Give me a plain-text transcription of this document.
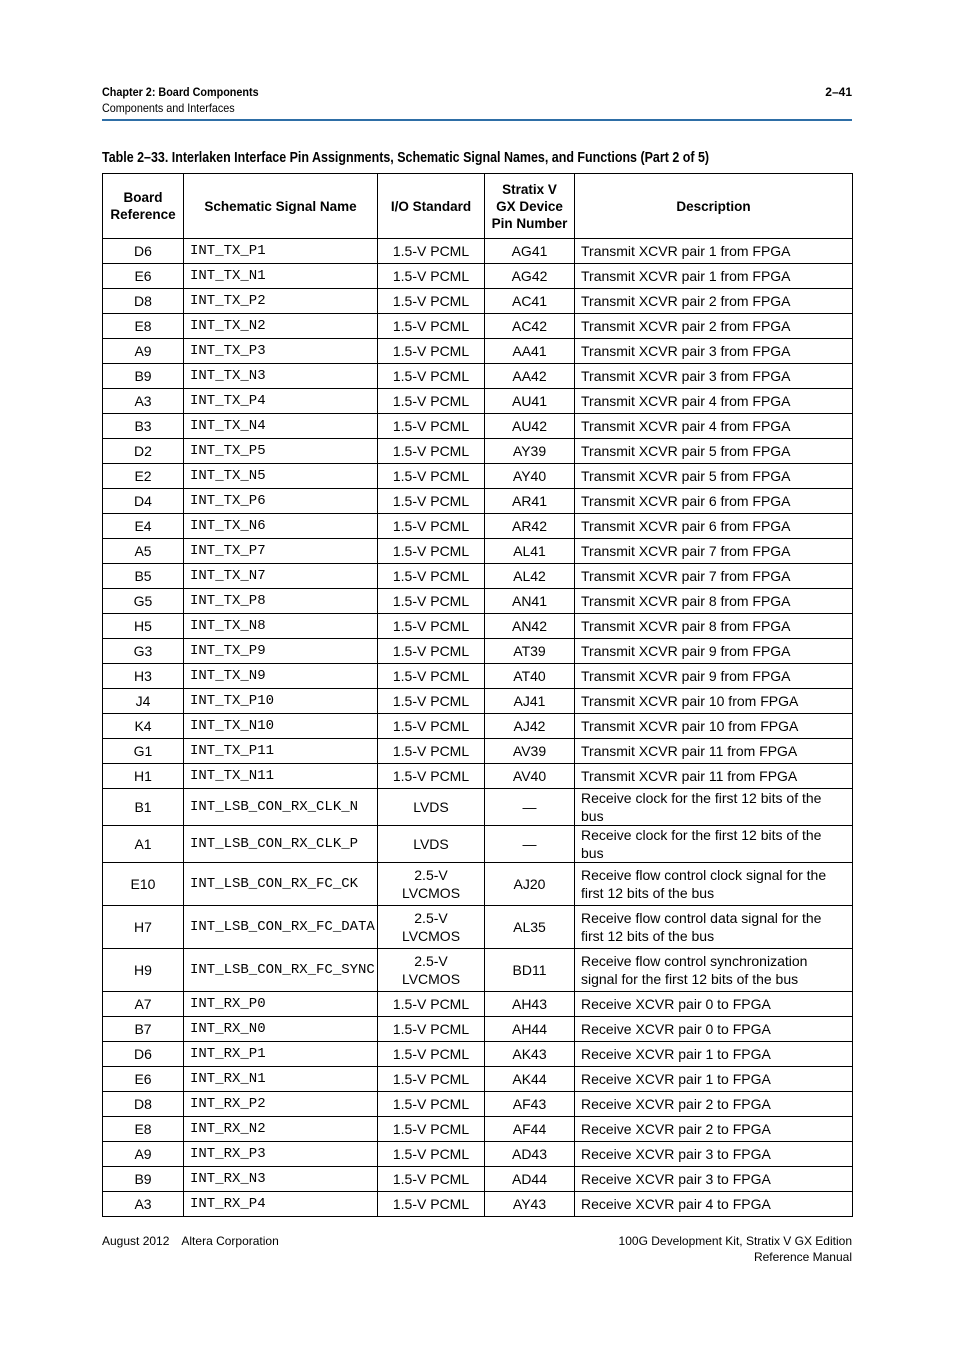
Chapter 2: Board Components
Components and Interfaces
2–41
Table 2–33. Interlaken Interface Pin Assignments, Schematic Signal Names, and Functions (Part 2 of 5)
Board Reference	Schematic Signal Name	I/O Standard	Stratix V GX Device Pin Number	Description
D6	INT_TX_P1	1.5-V PCML	AG41	Transmit XCVR pair 1 from FPGA
E6	INT_TX_N1	1.5-V PCML	AG42	Transmit XCVR pair 1 from FPGA
D8	INT_TX_P2	1.5-V PCML	AC41	Transmit XCVR pair 2 from FPGA
E8	INT_TX_N2	1.5-V PCML	AC42	Transmit XCVR pair 2 from FPGA
A9	INT_TX_P3	1.5-V PCML	AA41	Transmit XCVR pair 3 from FPGA
B9	INT_TX_N3	1.5-V PCML	AA42	Transmit XCVR pair 3 from FPGA
A3	INT_TX_P4	1.5-V PCML	AU41	Transmit XCVR pair 4 from FPGA
B3	INT_TX_N4	1.5-V PCML	AU42	Transmit XCVR pair 4 from FPGA
D2	INT_TX_P5	1.5-V PCML	AY39	Transmit XCVR pair 5 from FPGA
E2	INT_TX_N5	1.5-V PCML	AY40	Transmit XCVR pair 5 from FPGA
D4	INT_TX_P6	1.5-V PCML	AR41	Transmit XCVR pair 6 from FPGA
E4	INT_TX_N6	1.5-V PCML	AR42	Transmit XCVR pair 6 from FPGA
A5	INT_TX_P7	1.5-V PCML	AL41	Transmit XCVR pair 7 from FPGA
B5	INT_TX_N7	1.5-V PCML	AL42	Transmit XCVR pair 7 from FPGA
G5	INT_TX_P8	1.5-V PCML	AN41	Transmit XCVR pair 8 from FPGA
H5	INT_TX_N8	1.5-V PCML	AN42	Transmit XCVR pair 8 from FPGA
G3	INT_TX_P9	1.5-V PCML	AT39	Transmit XCVR pair 9 from FPGA
H3	INT_TX_N9	1.5-V PCML	AT40	Transmit XCVR pair 9 from FPGA
J4	INT_TX_P10	1.5-V PCML	AJ41	Transmit XCVR pair 10 from FPGA
K4	INT_TX_N10	1.5-V PCML	AJ42	Transmit XCVR pair 10 from FPGA
G1	INT_TX_P11	1.5-V PCML	AV39	Transmit XCVR pair 11 from FPGA
H1	INT_TX_N11	1.5-V PCML	AV40	Transmit XCVR pair 11 from FPGA
B1	INT_LSB_CON_RX_CLK_N	LVDS	—	Receive clock for the first 12 bits of the bus
A1	INT_LSB_CON_RX_CLK_P	LVDS	—	Receive clock for the first 12 bits of the bus
E10	INT_LSB_CON_RX_FC_CK	2.5-V LVCMOS	AJ20	Receive flow control clock signal for the first 12 bits of the bus
H7	INT_LSB_CON_RX_FC_DATA	2.5-V LVCMOS	AL35	Receive flow control data signal for the first 12 bits of the bus
H9	INT_LSB_CON_RX_FC_SYNC	2.5-V LVCMOS	BD11	Receive flow control synchronization signal for the first 12 bits of the bus
A7	INT_RX_P0	1.5-V PCML	AH43	Receive XCVR pair 0 to FPGA
B7	INT_RX_N0	1.5-V PCML	AH44	Receive XCVR pair 0 to FPGA
D6	INT_RX_P1	1.5-V PCML	AK43	Receive XCVR pair 1 to FPGA
E6	INT_RX_N1	1.5-V PCML	AK44	Receive XCVR pair 1 to FPGA
D8	INT_RX_P2	1.5-V PCML	AF43	Receive XCVR pair 2 to FPGA
E8	INT_RX_N2	1.5-V PCML	AF44	Receive XCVR pair 2 to FPGA
A9	INT_RX_P3	1.5-V PCML	AD43	Receive XCVR pair 3 to FPGA
B9	INT_RX_N3	1.5-V PCML	AD44	Receive XCVR pair 3 to FPGA
A3	INT_RX_P4	1.5-V PCML	AY43	Receive XCVR pair 4 to FPGA
August 2012 Altera Corporation	100G Development Kit, Stratix V GX Edition
Reference Manual
